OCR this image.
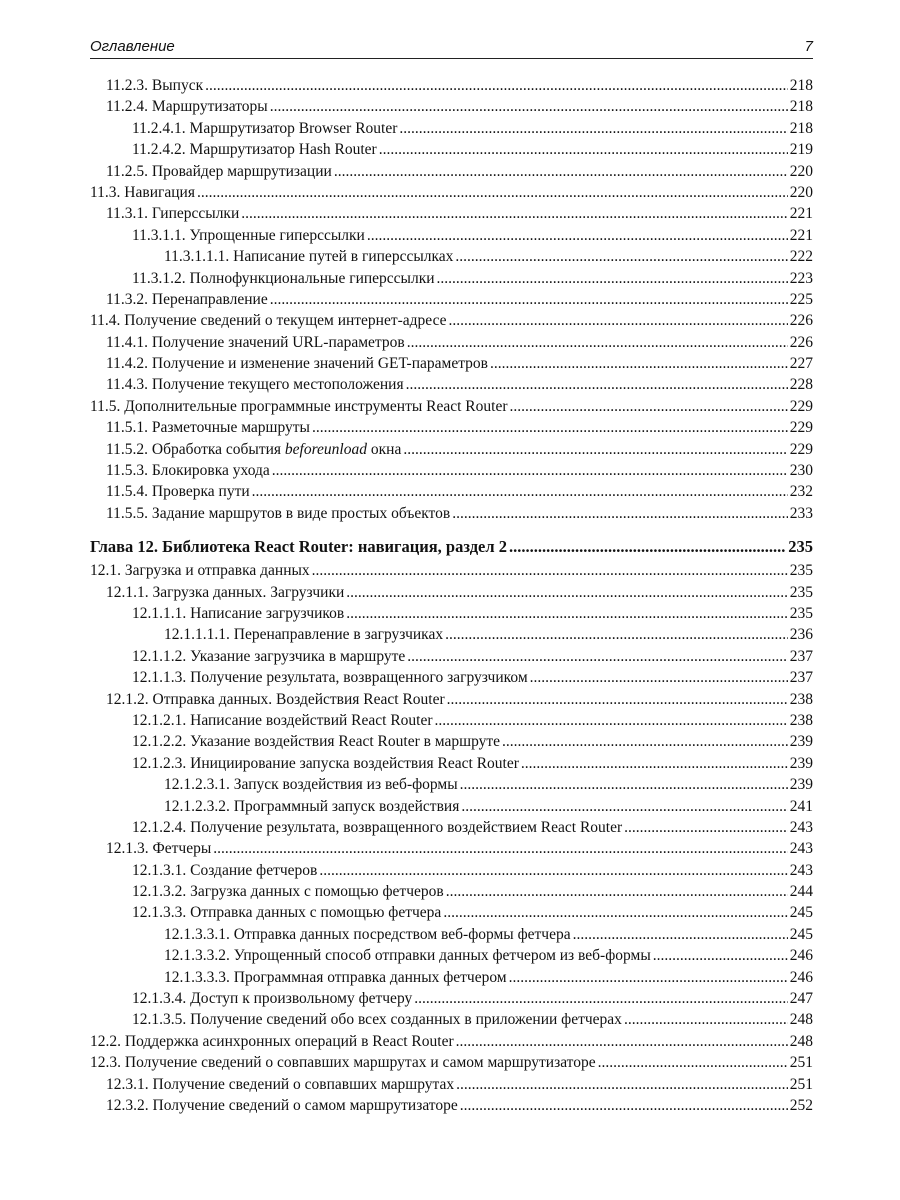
Оглавление	7
11.2.3. Выпуск .....	218
11.2.4. Маршрутизаторы .....	218
11.2.4.1. Маршрутизатор Browser Router .....	218
11.2.4.2. Маршрутизатор Hash Router .....	219
11.2.5. Провайдер маршрутизации .....	220
11.3. Навигация .....	220
11.3.1. Гиперссылки .....	221
11.3.1.1. Упрощенные гиперссылки .....	221
11.3.1.1.1. Написание путей в гиперссылках .....	222
11.3.1.2. Полнофункциональные гиперссылки .....	223
11.3.2. Перенаправление .....	225
11.4. Получение сведений о текущем интернет-адресе .....	226
11.4.1. Получение значений URL-параметров .....	226
11.4.2. Получение и изменение значений GET-параметров .....	227
11.4.3. Получение текущего местоположения .....	228
11.5. Дополнительные программные инструменты React Router .....	229
11.5.1. Разметочные маршруты .....	229
11.5.2. Обработка события beforeunload окна .....	229
11.5.3. Блокировка ухода .....	230
11.5.4. Проверка пути .....	232
11.5.5. Задание маршрутов в виде простых объектов .....	233
Глава 12. Библиотека React Router: навигация, раздел 2 .....	235
12.1. Загрузка и отправка данных .....	235
12.1.1. Загрузка данных. Загрузчики .....	235
12.1.1.1. Написание загрузчиков .....	235
12.1.1.1.1. Перенаправление в загрузчиках .....	236
12.1.1.2. Указание загрузчика в маршруте .....	237
12.1.1.3. Получение результата, возвращенного загрузчиком .....	237
12.1.2. Отправка данных. Воздействия React Router .....	238
12.1.2.1. Написание воздействий React Router .....	238
12.1.2.2. Указание воздействия React Router в маршруте .....	239
12.1.2.3. Инициирование запуска воздействия React Router .....	239
12.1.2.3.1. Запуск воздействия из веб-формы .....	239
12.1.2.3.2. Программный запуск воздействия .....	241
12.1.2.4. Получение результата, возвращенного воздействием React Router .....	243
12.1.3. Фетчеры .....	243
12.1.3.1. Создание фетчеров .....	243
12.1.3.2. Загрузка данных с помощью фетчеров .....	244
12.1.3.3. Отправка данных с помощью фетчера .....	245
12.1.3.3.1. Отправка данных посредством веб-формы фетчера .....	245
12.1.3.3.2. Упрощенный способ отправки данных фетчером из веб-формы .....	246
12.1.3.3.3. Программная отправка данных фетчером .....	246
12.1.3.4. Доступ к произвольному фетчеру .....	247
12.1.3.5. Получение сведений обо всех созданных в приложении фетчерах .....	248
12.2. Поддержка асинхронных операций в React Router .....	248
12.3. Получение сведений о совпавших маршрутах и самом маршрутизаторе .....	251
12.3.1. Получение сведений о совпавших маршрутах .....	251
12.3.2. Получение сведений о самом маршрутизаторе .....	252
